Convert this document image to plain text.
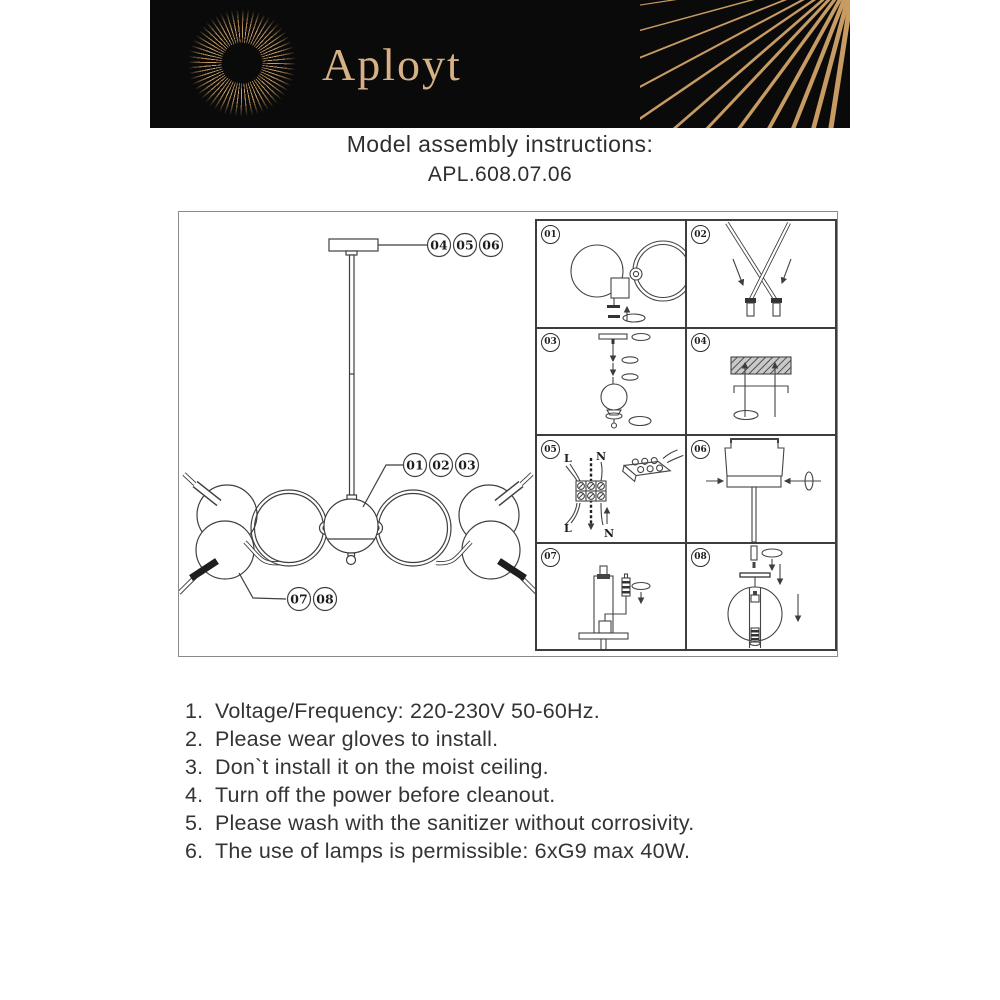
Aployt
Model assembly instructions:
APL.608.07.06
04 05 06
01 02 03
07 08
01	02
03	04
05
L N
L	N
06
07	08
1. Voltage/Frequency: 220-230V 50-60Hz.
2. Please wear gloves to install.
3. Don`t install it on the moist ceiling.
4. Turn off the power before cleanout.
5. Please wash with the sanitizer without corrosivity.
6. The use of lamps is permissible: 6xG9 max 40W.
